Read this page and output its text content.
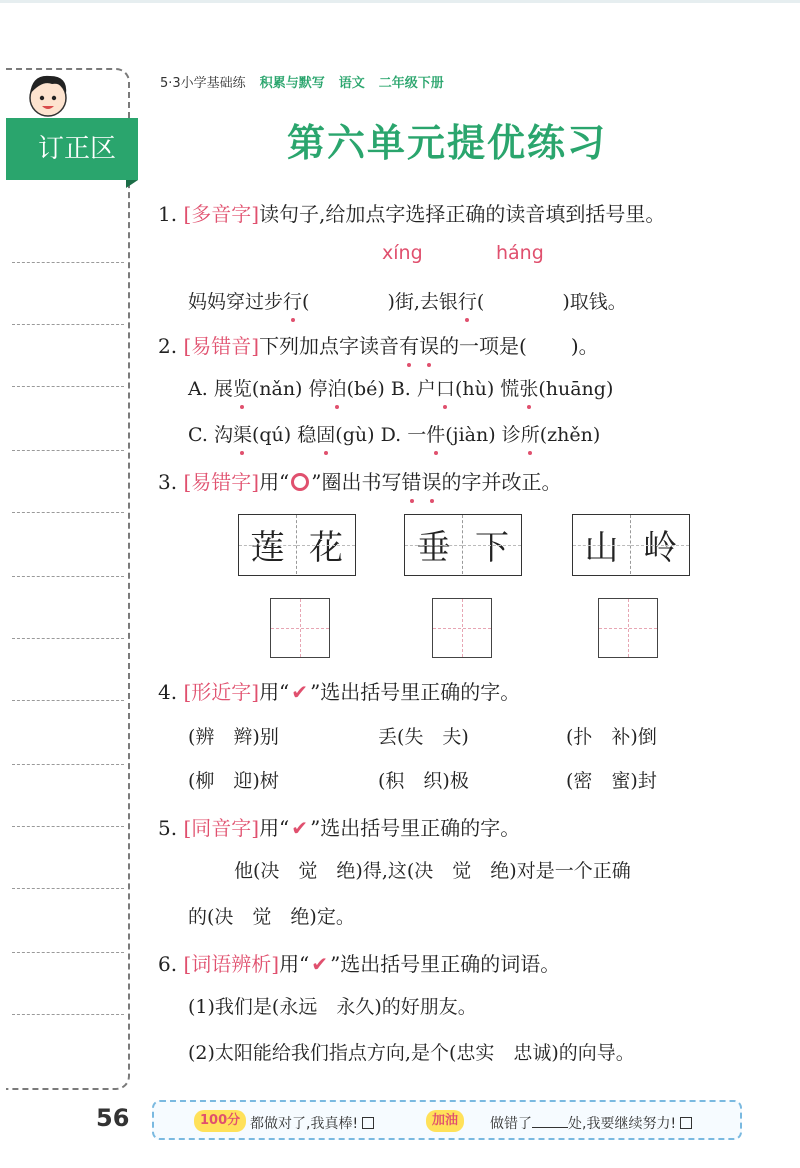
订正区
5·3小学基础练 积累与默写 语文 二年级下册
第六单元提优练习
1. [多音字]读句子,给加点字选择正确的读音填到括号里。
xíng	háng
妈妈穿过步行(	)街,去银行(	)取钱。
2. [易错音]下列加点字读音有误的一项是( )。
A. 展览(nǎn) 停泊(bé) B. 户口(hù) 慌张(huāng)
C. 沟渠(qú) 稳固(gù) D. 一件(jiàn) 诊所(zhěn)
3. [易错字]用“ ”圈出书写错误的字并改正。
莲 花	垂 下	山 岭
4. [形近字]用“ ✔ ”选出括号里正确的字。
(辨　辫)别	丢(失　夫)	(扑　补)倒
(柳　迎)树	(积　织)极	(密　蜜)封
5. [同音字]用“ ✔ ”选出括号里正确的字。
他(决　觉　绝)得,这(决　觉　绝)对是一个正确
的(决　觉　绝)定。
6. [词语辨析]用“ ✔ ”选出括号里正确的词语。
(1)我们是(永远　永久)的好朋友。
(2)太阳能给我们指点方向,是个(忠实　忠诚)的向导。
56	100分 都做对了,我真棒!	加油	做错了	处,我要继续努力!
